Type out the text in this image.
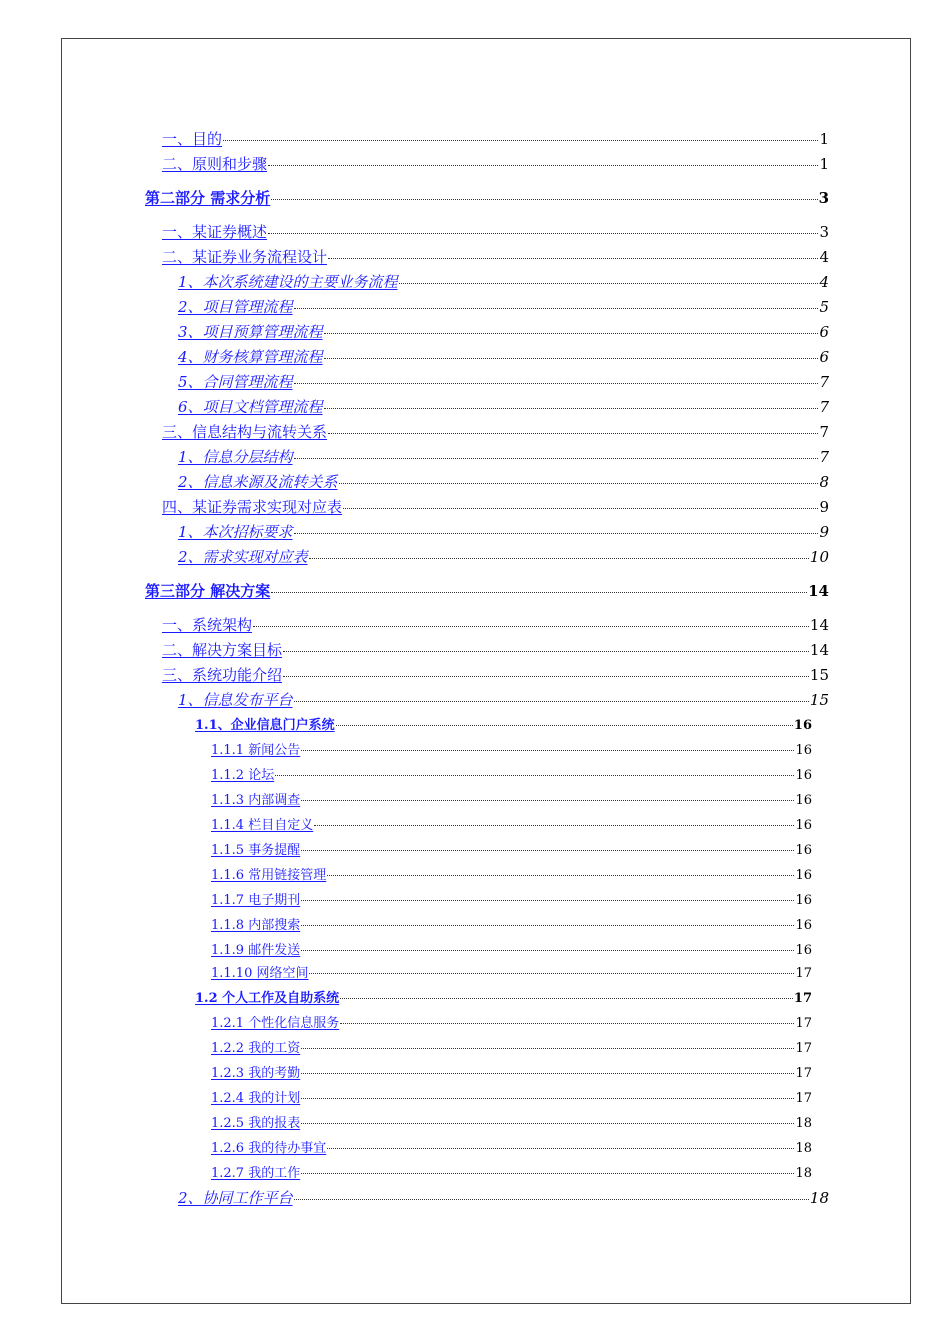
一、目的	1
二、原则和步骤	1
第二部分 需求分析	3
一、某证券概述	3
二、某证券业务流程设计	4
1、本次系统建设的主要业务流程	4
2、项目管理流程	5
3、项目预算管理流程	6
4、财务核算管理流程	6
5、合同管理流程	7
6、项目文档管理流程	7
三、信息结构与流转关系	7
1、信息分层结构	7
2、信息来源及流转关系	8
四、某证券需求实现对应表	9
1、本次招标要求	9
2、需求实现对应表	10
第三部分 解决方案	14
一、系统架构	14
二、解决方案目标	14
三、系统功能介绍	15
1、信息发布平台	15
1.1、企业信息门户系统	16
1.1.1 新闻公告	16
1.1.2 论坛	16
1.1.3 内部调查	16
1.1.4 栏目自定义	16
1.1.5 事务提醒	16
1.1.6 常用链接管理	16
1.1.7 电子期刊	16
1.1.8 内部搜索	16
1.1.9 邮件发送	16
1.1.10 网络空间	17
1.2 个人工作及自助系统	17
1.2.1 个性化信息服务	17
1.2.2 我的工资	17
1.2.3 我的考勤	17
1.2.4 我的计划	17
1.2.5 我的报表	18
1.2.6 我的待办事宜	18
1.2.7 我的工作	18
2、协同工作平台	18
